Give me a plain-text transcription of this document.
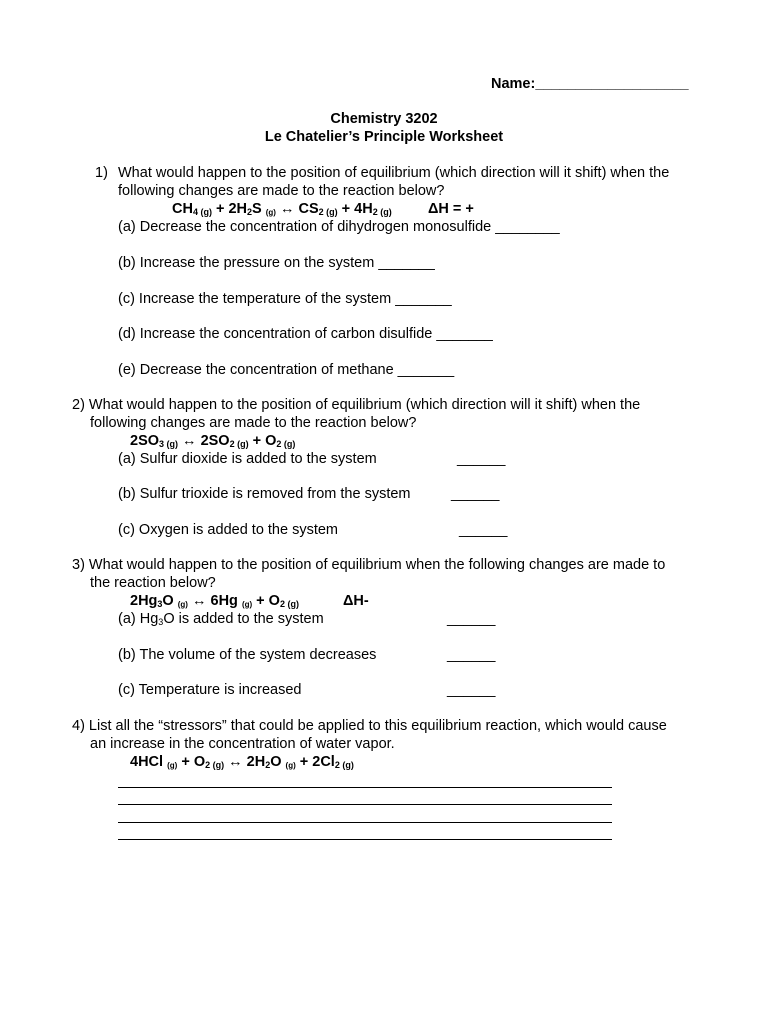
Name:___________________
Chemistry 3202
Le Chatelier’s Principle Worksheet
1) What would happen to the position of equilibrium (which direction will it shift) when the
following changes are made to the reaction below?
$CH_{4 (g)} + 2H_2S$ $_{(g)}$ ↔ $CS_{2 (g)} + 4H_{2 (g)}$	ΔH = +
(a) Decrease the concentration of dihydrogen monosulfide ________
(b) Increase the pressure on the system _______
(c) Increase the temperature of the system _______
(d) Increase the concentration of carbon disulfide _______
(e) Decrease the concentration of methane _______
2) What would happen to the position of equilibrium (which direction will it shift) when the
following changes are made to the reaction below?
$2SO_{3 (g)}$ ↔ $2SO_{2 (g)} + O_{2 (g)}$
(a) Sulfur dioxide is added to the system	______
(b) Sulfur trioxide is removed from the system	______
(c) Oxygen is added to the system	______
3) What would happen to the position of equilibrium when the following changes are made to
the reaction below?
$2Hg_3O$ $_{(g)}$ ↔ 6Hg $_{(g)} + O_{2 (g)}$	ΔH-
(a) $Hg_3O$ is added to the system	______
(b) The volume of the system decreases	______
(c) Temperature is increased	______
4) List all the “stressors” that could be applied to this equilibrium reaction, which would cause
an increase in the concentration of water vapor.
4HCl $_{(g)} + O_{2 (g)}$ ↔ $2H_2O$ $_{(g)} + 2Cl_{2 (g)}$
